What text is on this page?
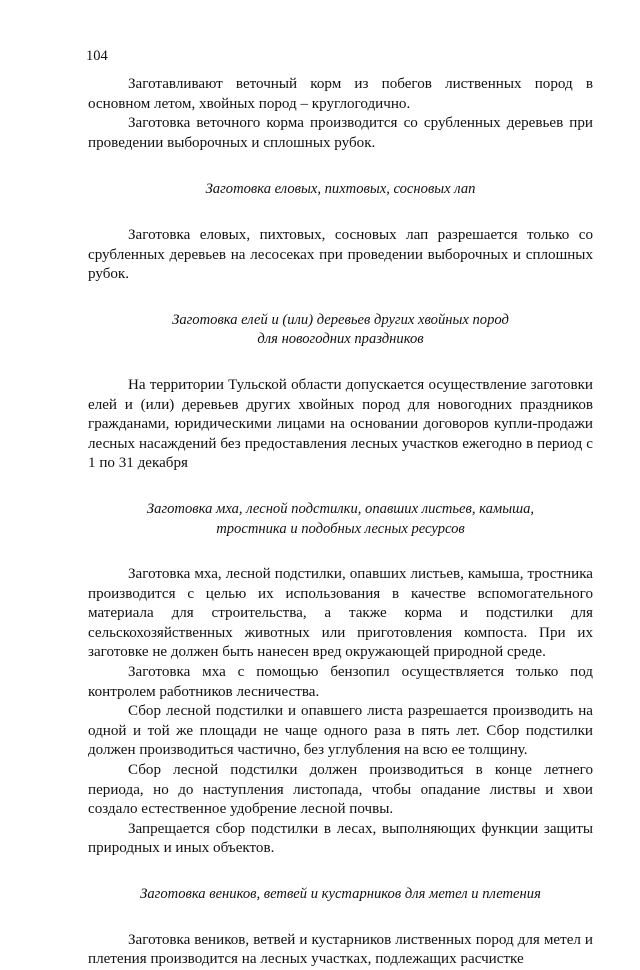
104

Заготавливают веточный корм из побегов лиственных пород в основном летом, хвойных пород – круглогодично.

Заготовка веточного корма производится со срубленных деревьев при проведении выборочных и сплошных рубок.

Заготовка еловых, пихтовых, сосновых лап

Заготовка еловых, пихтовых, сосновых лап разрешается только со срубленных деревьев на лесосеках при проведении выборочных и сплошных рубок.

Заготовка елей и (или) деревьев других хвойных пород
для новогодних праздников

На территории Тульской области допускается осуществление заготовки елей и (или) деревьев других хвойных пород для новогодних праздников гражданами, юридическими лицами на основании договоров купли-продажи лесных насаждений без предоставления лесных участков ежегодно в период с 1 по 31 декабря

Заготовка мха, лесной подстилки, опавших листьев, камыша,
тростника и подобных лесных ресурсов

Заготовка мха, лесной подстилки, опавших листьев, камыша, тростника производится с целью их использования в качестве вспомогательного материала для строительства, а также корма и подстилки для сельскохозяйственных животных или приготовления компоста. При их заготовке не должен быть нанесен вред окружающей природной среде.

Заготовка мха с помощью бензопил осуществляется только под контролем работников лесничества.

Сбор лесной подстилки и опавшего листа разрешается производить на одной и той же площади не чаще одного раза в пять лет. Сбор подстилки должен производиться частично, без углубления на всю ее толщину.

Сбор лесной подстилки должен производиться в конце летнего периода, но до наступления листопада, чтобы опадание листвы и хвои создало естественное удобрение лесной почвы.

Запрещается сбор подстилки в лесах, выполняющих функции защиты природных и иных объектов.

Заготовка веников, ветвей и кустарников для метел и плетения

Заготовка веников, ветвей и кустарников лиственных пород для метел и плетения производится на лесных участках, подлежащих расчистке
